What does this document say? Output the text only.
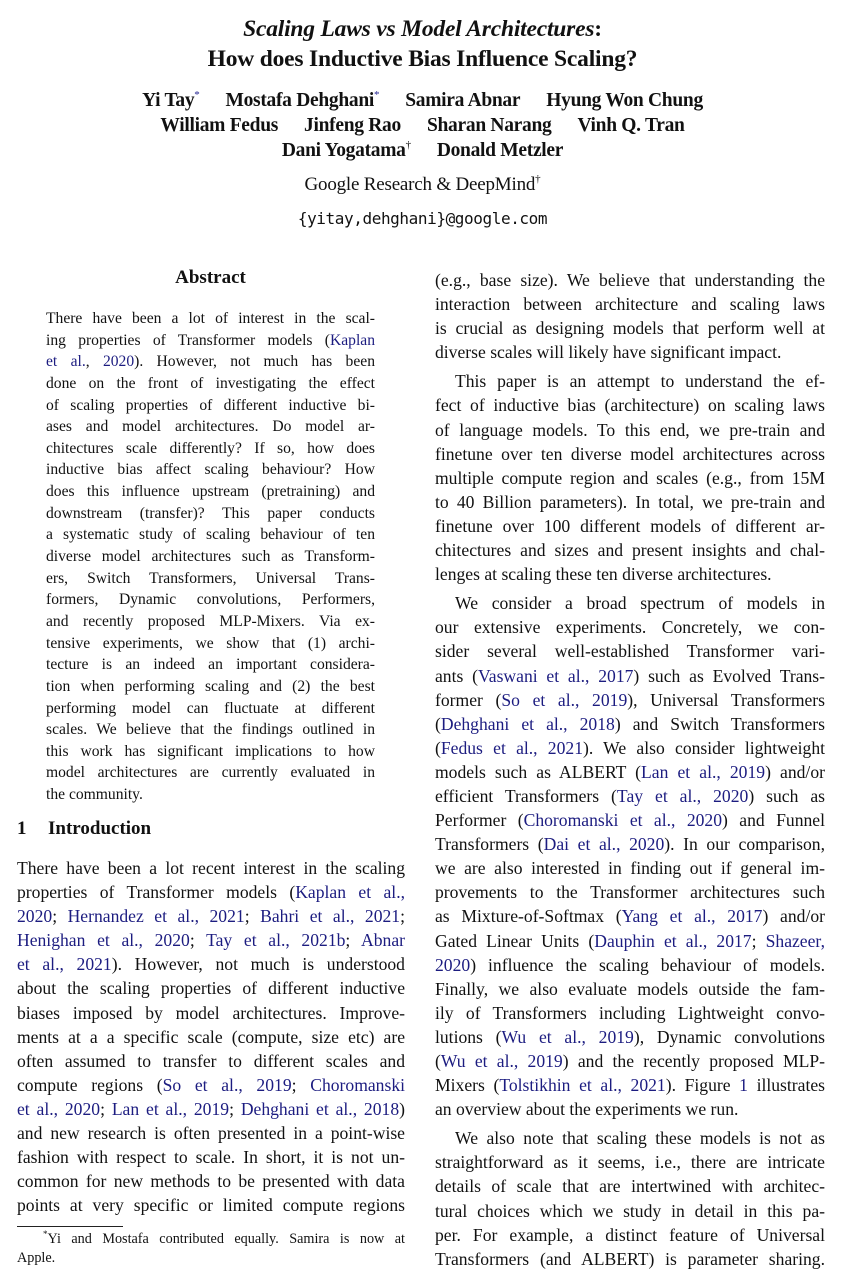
Scaling Laws vs Model Architectures:
How does Inductive Bias Influence Scaling?
Yi Tay* Mostafa Dehghani* Samira Abnar Hyung Won Chung
William Fedus Jinfeng Rao Sharan Narang Vinh Q. Tran
Dani Yogatama† Donald Metzler
Google Research & DeepMind†
{yitay,dehghani}@google.com
Abstract
There have been a lot of interest in the scal-
ing properties of Transformer models (Kaplan
et al., 2020). However, not much has been
done on the front of investigating the effect
of scaling properties of different inductive bi-
ases and model architectures. Do model ar-
chitectures scale differently? If so, how does
inductive bias affect scaling behaviour? How
does this influence upstream (pretraining) and
downstream (transfer)? This paper conducts
a systematic study of scaling behaviour of ten
diverse model architectures such as Transform-
ers, Switch Transformers, Universal Trans-
formers, Dynamic convolutions, Performers,
and recently proposed MLP-Mixers. Via ex-
tensive experiments, we show that (1) archi-
tecture is an indeed an important considera-
tion when performing scaling and (2) the best
performing model can fluctuate at different
scales. We believe that the findings outlined in
this work has significant implications to how
model architectures are currently evaluated in
the community.
1 Introduction
There have been a lot recent interest in the scaling
properties of Transformer models (Kaplan et al.,
2020; Hernandez et al., 2021; Bahri et al., 2021;
Henighan et al., 2020; Tay et al., 2021b; Abnar
et al., 2021). However, not much is understood
about the scaling properties of different inductive
biases imposed by model architectures. Improve-
ments at a a specific scale (compute, size etc) are
often assumed to transfer to different scales and
compute regions (So et al., 2019; Choromanski
et al., 2020; Lan et al., 2019; Dehghani et al., 2018)
and new research is often presented in a point-wise
fashion with respect to scale. In short, it is not un-
common for new methods to be presented with data
points at very specific or limited compute regions
(e.g., base size). We believe that understanding the
interaction between architecture and scaling laws
is crucial as designing models that perform well at
diverse scales will likely have significant impact.
This paper is an attempt to understand the ef-
fect of inductive bias (architecture) on scaling laws
of language models. To this end, we pre-train and
finetune over ten diverse model architectures across
multiple compute region and scales (e.g., from 15M
to 40 Billion parameters). In total, we pre-train and
finetune over 100 different models of different ar-
chitectures and sizes and present insights and chal-
lenges at scaling these ten diverse architectures.
We consider a broad spectrum of models in
our extensive experiments. Concretely, we con-
sider several well-established Transformer vari-
ants (Vaswani et al., 2017) such as Evolved Trans-
former (So et al., 2019), Universal Transformers
(Dehghani et al., 2018) and Switch Transformers
(Fedus et al., 2021). We also consider lightweight
models such as ALBERT (Lan et al., 2019) and/or
efficient Transformers (Tay et al., 2020) such as
Performer (Choromanski et al., 2020) and Funnel
Transformers (Dai et al., 2020). In our comparison,
we are also interested in finding out if general im-
provements to the Transformer architectures such
as Mixture-of-Softmax (Yang et al., 2017) and/or
Gated Linear Units (Dauphin et al., 2017; Shazeer,
2020) influence the scaling behaviour of models.
Finally, we also evaluate models outside the fam-
ily of Transformers including Lightweight convo-
lutions (Wu et al., 2019), Dynamic convolutions
(Wu et al., 2019) and the recently proposed MLP-
Mixers (Tolstikhin et al., 2021). Figure 1 illustrates
an overview about the experiments we run.
We also note that scaling these models is not as
straightforward as it seems, i.e., there are intricate
details of scale that are intertwined with architec-
tural choices which we study in detail in this pa-
per. For example, a distinct feature of Universal
Transformers (and ALBERT) is parameter sharing.
*Yi and Mostafa contributed equally. Samira is now at
Apple.
